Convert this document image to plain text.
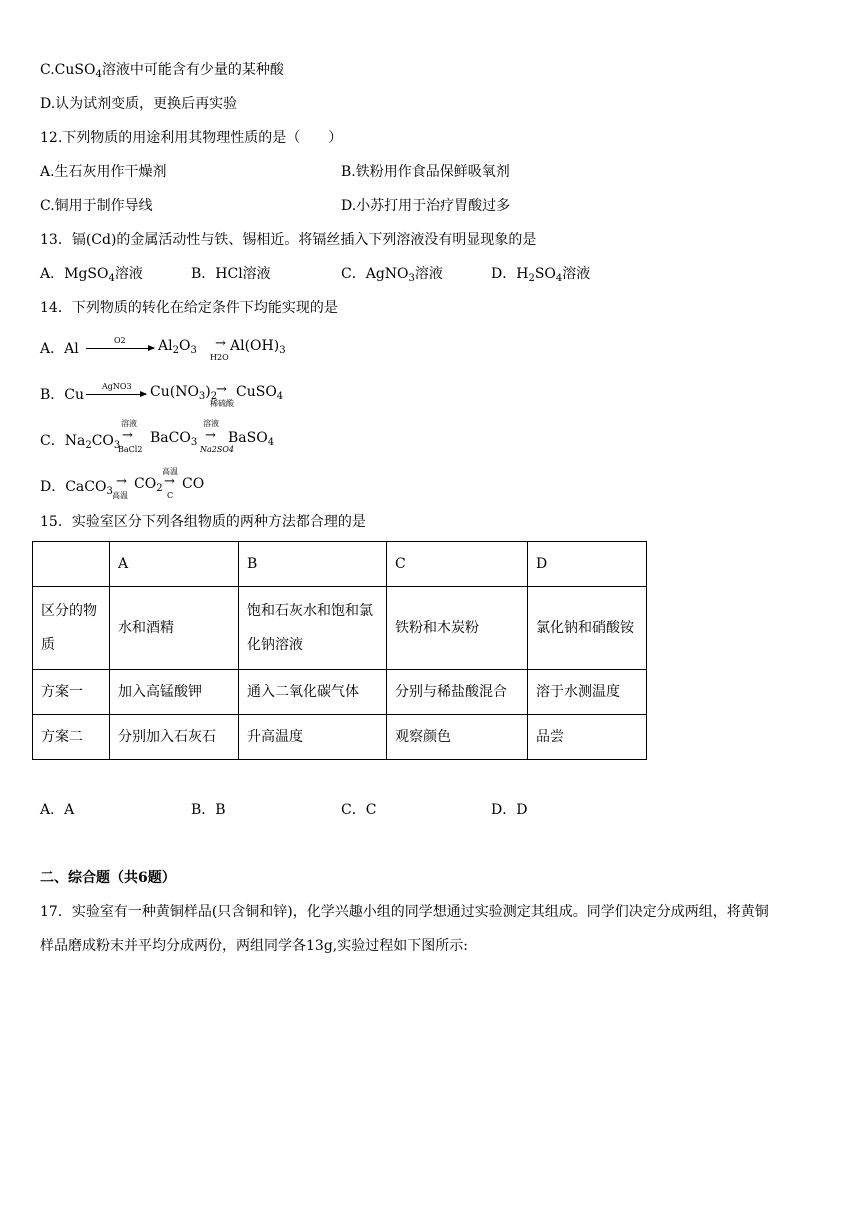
C.CuSO$_4$溶液中可能含有少量的某种酸
D.认为试剂变质，更换后再实验
12.下列物质的用途利用其物理性质的是（　　）
A.生石灰用作干燥剂	B.铁粉用作食品保鲜吸氧剂
C.铜用于制作导线	D.小苏打用于治疗胃酸过多
13．镉(Cd)的金属活动性与铁、锡相近。将镉丝插入下列溶液没有明显现象的是
A．MgSO$_4$溶液	B．HCl溶液	C．AgNO$_3$溶液	D．$H_2SO_4$溶液
14．下列物质的转化在给定条件下均能实现的是
A．Al
O2 $Al_2O_3$ →
H2O
$Al(OH)_3$
B．Cu
AgNO3 $Cu(NO_3)_2$
→
稀硫酸
CuSO$_4$
C．$Na_2CO_3$
溶液
→
BaCl2
BaCO$_3$
溶液
→
Na2SO4
BaSO$_4$
D．CaCO$_3$
→
高温
$CO_2$
高温
→
C
CO
15．实验室区分下列各组物质的两种方法都合理的是
	A	B	C	D
区分的物质	水和酒精	饱和石灰水和饱和氯化钠溶液	铁粉和木炭粉	氯化钠和硝酸铵
方案一	加入高锰酸钾	通入二氧化碳气体	分别与稀盐酸混合	溶于水测温度
方案二	分别加入石灰石	升高温度	观察颜色	品尝
A．A	B．B	C．C	D．D
二、综合题（共6题）
17．实验室有一种黄铜样品(只含铜和锌)，化学兴趣小组的同学想通过实验测定其组成。同学们决定分成两组，将黄铜
样品磨成粉末并平均分成两份，两组同学各13g,实验过程如下图所示:
